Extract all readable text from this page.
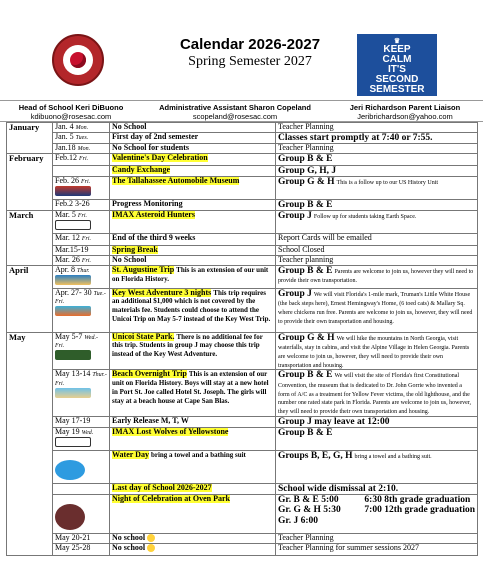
Calendar 2026-2027
Spring Semester 2027
♛
KEEP
CALM
IT'S
SECOND
SEMESTER
Head of School Keri DiBuono
kdibuono@rosesac.com
Administrative Assistant Sharon Copeland
scopeland@rosesac.com
Jeri Richardson Parent Liaison
Jeribrichardson@yahoo.com
January	Jan. 4 Mon.	No School	Teacher Planning
	Jan. 5 Tues.	First day of 2nd semester	Classes start promptly at 7:40 or 7:55.
	Jan.18 Mon.	No School for students	Teacher Planning
February	Feb.12 Fri.	Valentine's Day Celebration	Group B & E
		Candy Exchange	Group G, H, J
	Feb. 26 Fri.	The Tallahassee Automobile Museum	Group G & H This is a follow up to our US History Unit
	Feb.2 3-26	Progress Monitoring	Group B & E
March	Mar. 5 Fri.	IMAX Asteroid Hunters	Group J Follow up for students taking Earth Space.
	Mar. 12 Fri.	End of the third 9 weeks	Report Cards will be emailed
	Mar.15-19	Spring Break	School Closed
	Mar. 26 Fri.	No School	Teacher planning
April	Apr. 8 Thur.	St. Augustine Trip This is an extension of our unit on Florida History.	Group B & E Parents are welcome to join us, however they will need to provide their own transportation.
	Apr. 27- 30 Tue.-Fri.	Key West Adventure 3 nights This trip requires an additional $1,000 which is not covered by the materials fee. Students could choose to attend the Unicoi Trip on May 5-7 instead of the Key West Trip.	Group J We will visit Florida's 1-mile mark, Truman's Little White House (the back steps here), Ernest Hemingway's Home, (6 toed cats) & Mallary Sq. where chickens run free. Parents are welcome to join us, however, they will need to provide their own transportation and housing.
May	May 5-7 Wed.-Fri.	Unicoi State Park. There is no additional fee for this trip. Students in group J may choose this trip instead of the Key West Adventure.	Group G & H We will hike the mountains in North Georgia, visit waterfalls, stay in cabins, and visit the Alpine Village in Helen Georgia. Parents are welcome to join us, however, they will need to provide their own transportation and housing.
	May 13-14 Thur.-Fri.	Beach Overnight Trip This is an extension of our unit on Florida History. Boys will stay at a new hotel in Port St. Joe called Hotel St. Joseph. The girls will stay at a beach house at Cape San Blas.	Group B & E We will visit the site of Florida's first Constitutional Convention, the museum that is dedicated to Dr. John Gorrie who invented a form of A/C as a treatment for Yellow Fever victims, the old lighthouse, and the number one rated state park in Florida. Parents are welcome to join us, however, they will need to provide their own transportation and housing.
	May 17-19	Early Release M, T, W	Group J may leave at 12:00
	May 19 Wed.	IMAX Lost Wolves of Yellowstone	Group B & E

		Water Day bring a towel and a bathing suit	Groups B, E, G, H bring a towel and a bathing suit.
		Last day of School 2026-2027	School wide dismissal at 2:10.

		Night of Celebration at Oven Park	Gr. B & E 5:00
Gr. G & H 5:30
Gr. J 6:00
6:30 8th grade graduation
7:00 12th grade graduation

	May 20-21	No school	Teacher Planning
	May 25-28	No school	Teacher Planning for summer sessions 2027
